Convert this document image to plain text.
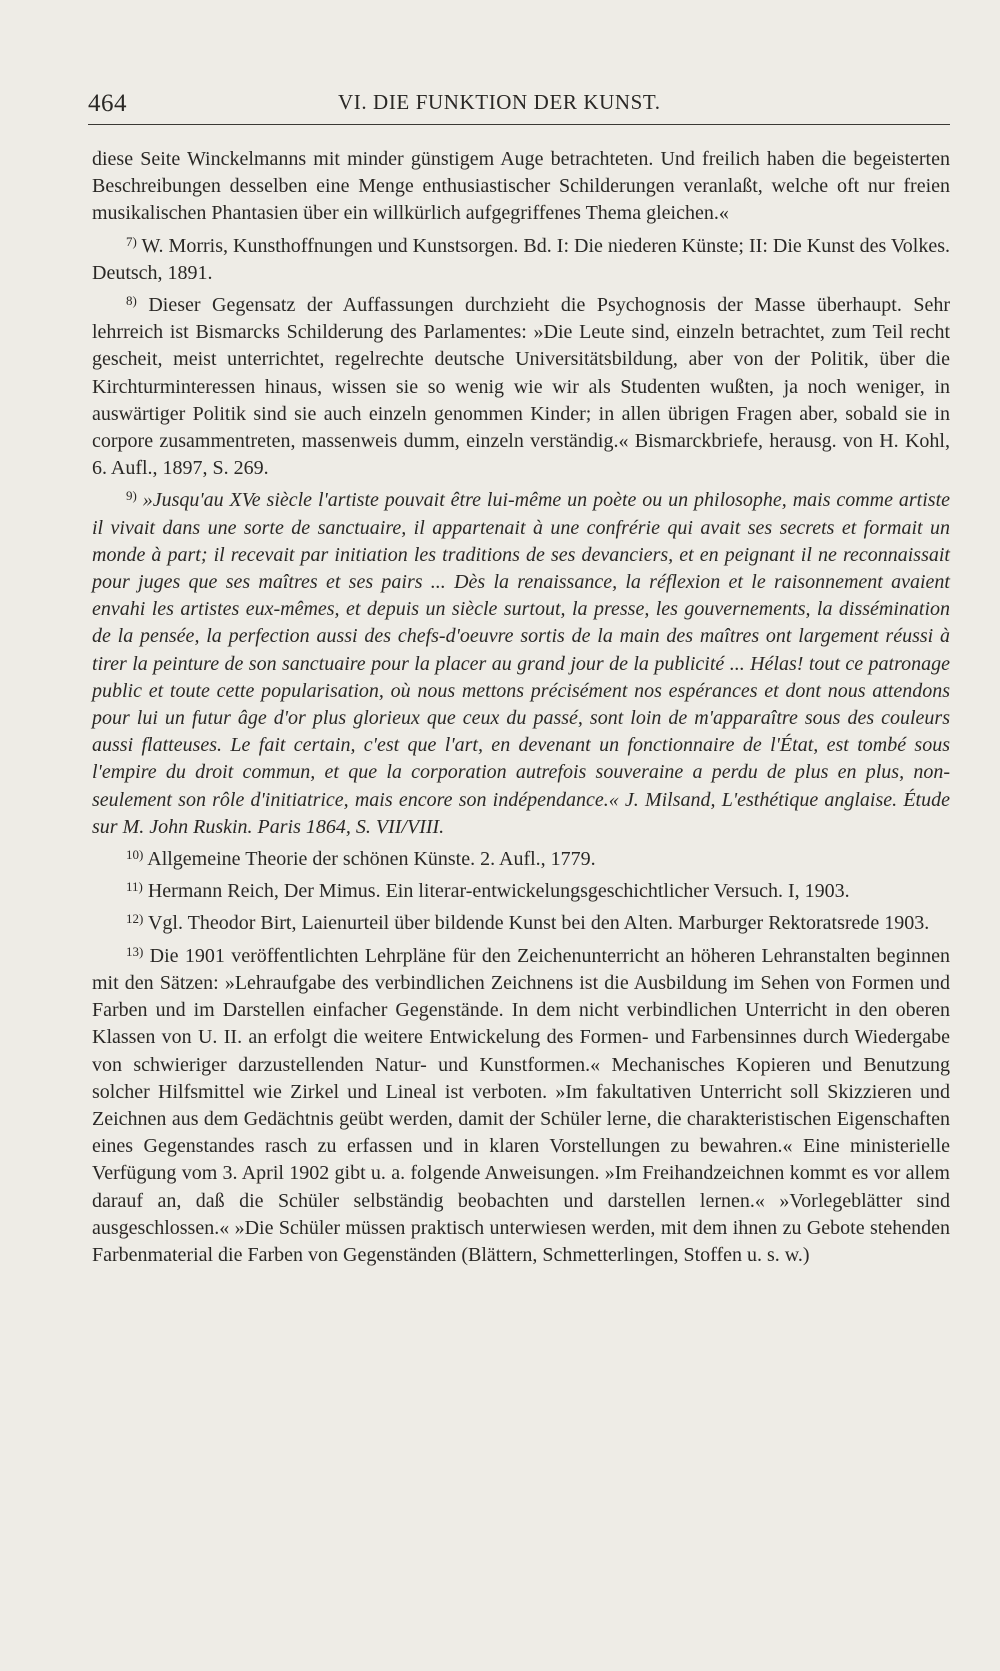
464	VI. DIE FUNKTION DER KUNST.

diese Seite Winckelmanns mit minder günstigem Auge betrachteten. Und freilich haben die begeisterten Beschreibungen desselben eine Menge enthusiastischer Schilderungen veranlaßt, welche oft nur freien musikalischen Phantasien über ein willkürlich aufgegriffenes Thema gleichen.«

$^{7)}$ W. Morris, Kunsthoffnungen und Kunstsorgen. Bd. I: Die niederen Künste; II: Die Kunst des Volkes. Deutsch, 1891.

$^{8)}$ Dieser Gegensatz der Auffassungen durchzieht die Psychognosis der Masse überhaupt. Sehr lehrreich ist Bismarcks Schilderung des Parlamentes: »Die Leute sind, einzeln betrachtet, zum Teil recht gescheit, meist unterrichtet, regelrechte deutsche Universitätsbildung, aber von der Politik, über die Kirchturminteressen hinaus, wissen sie so wenig wie wir als Studenten wußten, ja noch weniger, in auswärtiger Politik sind sie auch einzeln genommen Kinder; in allen übrigen Fragen aber, sobald sie in corpore zusammentreten, massenweis dumm, einzeln verständig.« Bismarckbriefe, herausg. von H. Kohl, 6. Aufl., 1897, S. 269.

$^{9)}$ »Jusqu'au XVe siècle l'artiste pouvait être lui-même un poète ou un philosophe, mais comme artiste il vivait dans une sorte de sanctuaire, il appartenait à une confrérie qui avait ses secrets et formait un monde à part; il recevait par initiation les traditions de ses devanciers, et en peignant il ne reconnaissait pour juges que ses maîtres et ses pairs ... Dès la renaissance, la réflexion et le raisonnement avaient envahi les artistes eux-mêmes, et depuis un siècle surtout, la presse, les gouvernements, la dissémination de la pensée, la perfection aussi des chefs-d'oeuvre sortis de la main des maîtres ont largement réussi à tirer la peinture de son sanctuaire pour la placer au grand jour de la publicité ... Hélas! tout ce patronage public et toute cette popularisation, où nous mettons précisément nos espérances et dont nous attendons pour lui un futur âge d'or plus glorieux que ceux du passé, sont loin de m'apparaître sous des couleurs aussi flatteuses. Le fait certain, c'est que l'art, en devenant un fonctionnaire de l'État, est tombé sous l'empire du droit commun, et que la corporation autrefois souveraine a perdu de plus en plus, non-seulement son rôle d'initiatrice, mais encore son indépendance.« J. Milsand, L'esthétique anglaise. Étude sur M. John Ruskin. Paris 1864, S. VII/VIII.

$^{10)}$ Allgemeine Theorie der schönen Künste. 2. Aufl., 1779.

$^{11)}$ Hermann Reich, Der Mimus. Ein literar-entwickelungsgeschichtlicher Versuch. I, 1903.

$^{12)}$ Vgl. Theodor Birt, Laienurteil über bildende Kunst bei den Alten. Marburger Rektoratsrede 1903.

$^{13)}$ Die 1901 veröffentlichten Lehrpläne für den Zeichenunterricht an höheren Lehranstalten beginnen mit den Sätzen: »Lehraufgabe des verbindlichen Zeichnens ist die Ausbildung im Sehen von Formen und Farben und im Darstellen einfacher Gegenstände. In dem nicht verbindlichen Unterricht in den oberen Klassen von U. II. an erfolgt die weitere Entwickelung des Formen- und Farbensinnes durch Wiedergabe von schwieriger darzustellenden Natur- und Kunstformen.« Mechanisches Kopieren und Benutzung solcher Hilfsmittel wie Zirkel und Lineal ist verboten. »Im fakultativen Unterricht soll Skizzieren und Zeichnen aus dem Gedächtnis geübt werden, damit der Schüler lerne, die charakteristischen Eigenschaften eines Gegenstandes rasch zu erfassen und in klaren Vorstellungen zu bewahren.« Eine ministerielle Verfügung vom 3. April 1902 gibt u. a. folgende Anweisungen. »Im Freihandzeichnen kommt es vor allem darauf an, daß die Schüler selbständig beobachten und darstellen lernen.« »Vorlegeblätter sind ausgeschlossen.« »Die Schüler müssen praktisch unterwiesen werden, mit dem ihnen zu Gebote stehenden Farbenmaterial die Farben von Gegenständen (Blättern, Schmetterlingen, Stoffen u. s. w.)
